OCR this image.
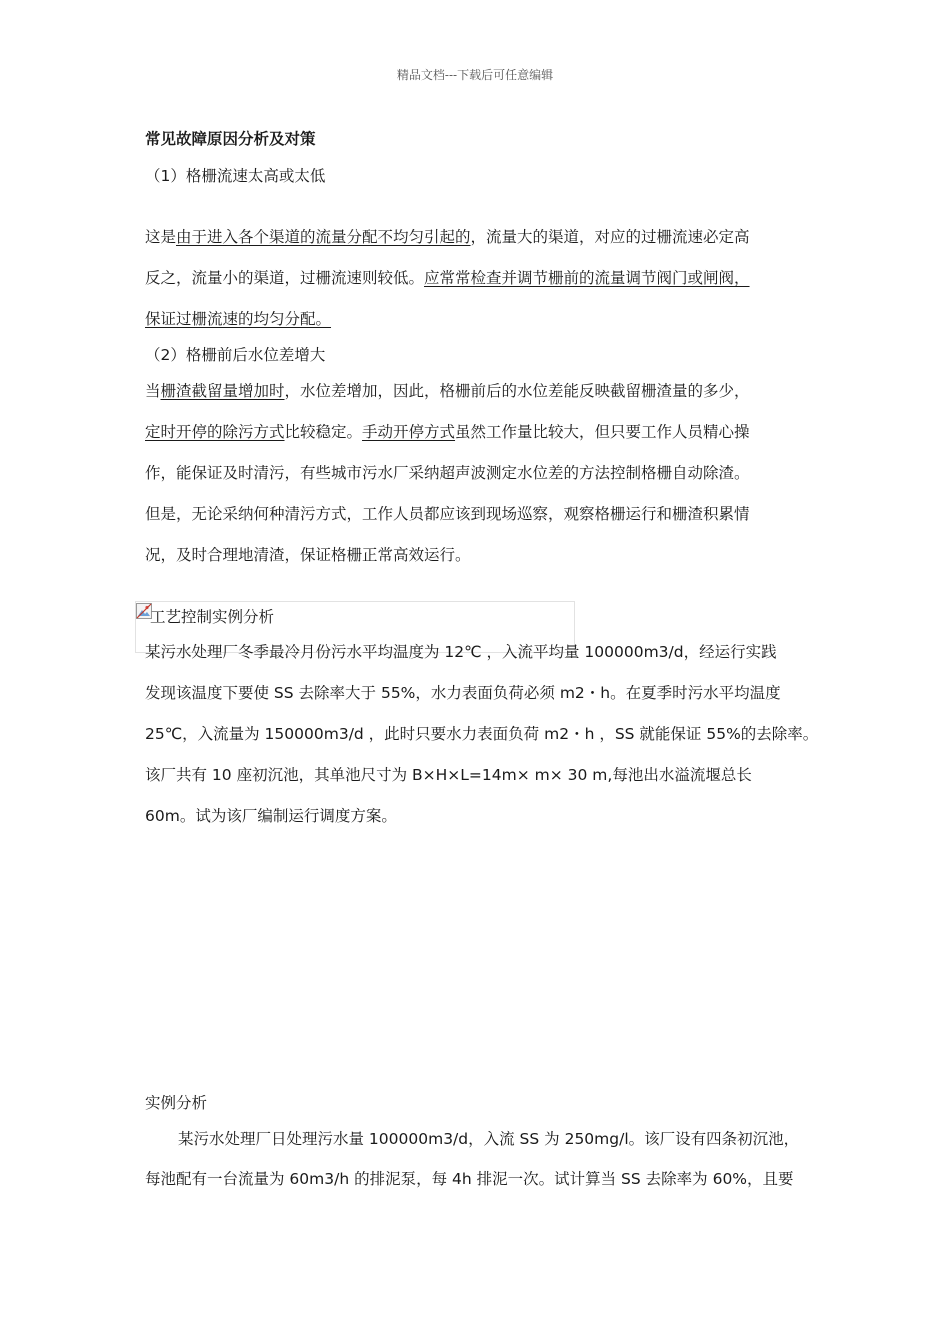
精品文档---下载后可任意编辑
常见故障原因分析及对策
（1）格栅流速太高或太低
这是由于进入各个渠道的流量分配不均匀引起的，流量大的渠道，对应的过栅流速必定高
反之，流量小的渠道，过栅流速则较低。应常常检查并调节栅前的流量调节阀门或闸阀，
保证过栅流速的均匀分配。
（2）格栅前后水位差增大
当栅渣截留量增加时，水位差增加，因此，格栅前后的水位差能反映截留栅渣量的多少，
定时开停的除污方式比较稳定。手动开停方式虽然工作量比较大，但只要工作人员精心操
作，能保证及时清污，有些城市污水厂采纳超声波测定水位差的方法控制格栅自动除渣。
但是，无论采纳何种清污方式，工作人员都应该到现场巡察，观察格栅运行和栅渣积累情
况，及时合理地清渣，保证格栅正常高效运行。
工艺控制实例分析
某污水处理厂冬季最冷月份污水平均温度为 12℃ ，入流平均量 100000m3/d，经运行实践
发现该温度下要使 SS 去除率大于 55%，水力表面负荷必须 m2・h。在夏季时污水平均温度
25℃，入流量为 150000m3/d ，此时只要水力表面负荷 m2・h ，SS 就能保证 55%的去除率。
该厂共有 10 座初沉池，其单池尺寸为 B×H×L=14m× m× 30 m,每池出水溢流堰总长
60m。试为该厂编制运行调度方案。
实例分析
某污水处理厂日处理污水量 100000m3/d，入流 SS 为 250mg/l。该厂设有四条初沉池，
每池配有一台流量为 60m3/h 的排泥泵，每 4h 排泥一次。试计算当 SS 去除率为 60%，且要
